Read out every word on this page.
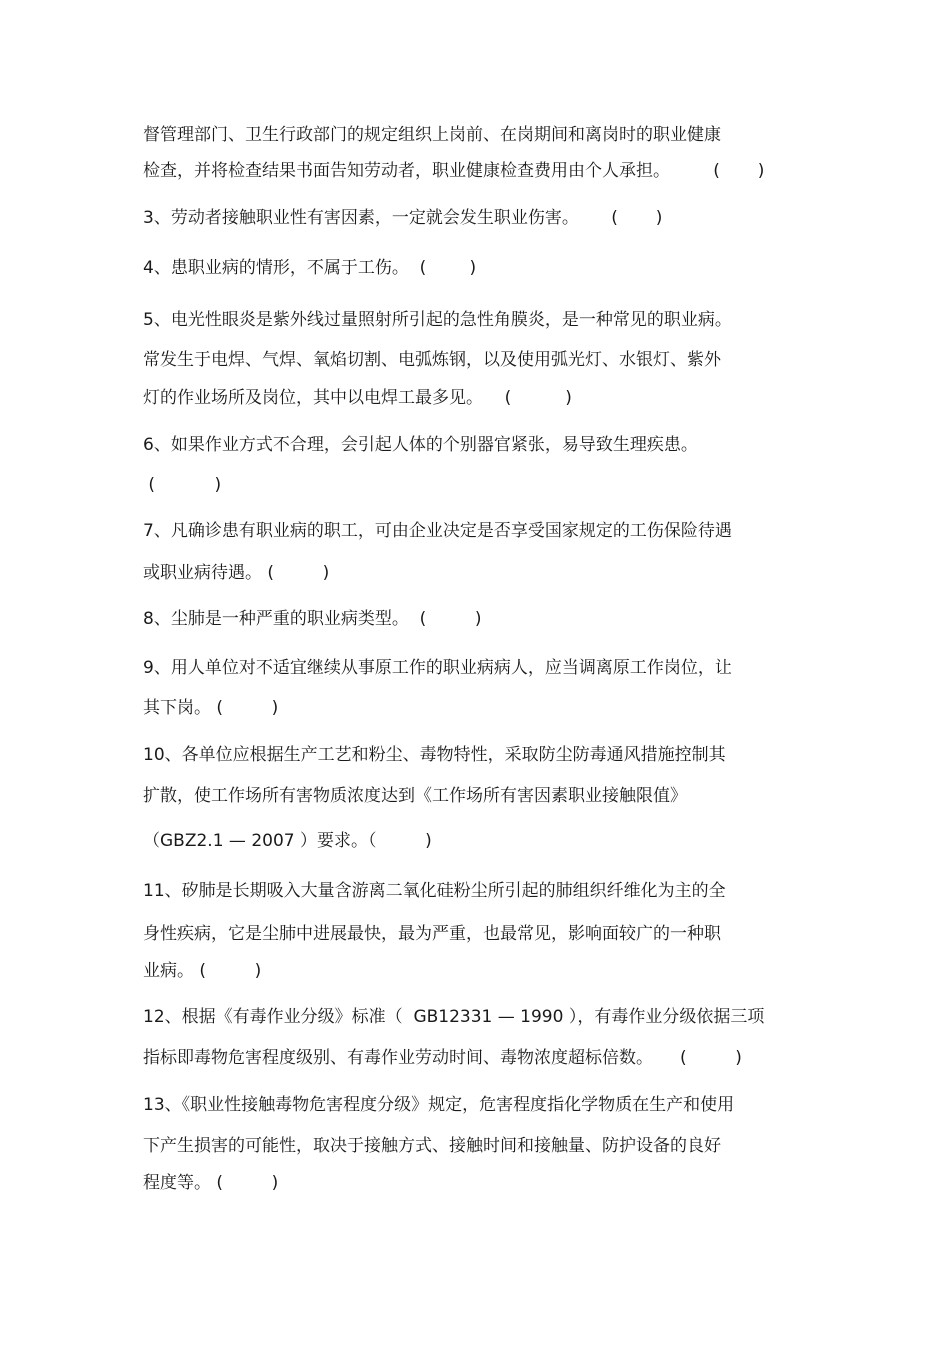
督管理部门、卫生行政部门的规定组织上岗前、在岗期间和离岗时的职业健康
检查，并将检查结果书面告知劳动者，职业健康检查费用由个人承担。        (       )
3、劳动者接触职业性有害因素，一定就会发生职业伤害。      (       )
4、患职业病的情形，不属于工伤。  (        )
5、电光性眼炎是紫外线过量照射所引起的急性角膜炎，是一种常见的职业病。
常发生于电焊、气焊、氧焰切割、电弧炼钢，以及使用弧光灯、水银灯、紫外
灯的作业场所及岗位，其中以电焊工最多见。    (          )
6、如果作业方式不合理，会引起人体的个别器官紧张，易导致生理疾患。
(           )
7、凡确诊患有职业病的职工，可由企业决定是否享受国家规定的工伤保险待遇
或职业病待遇。 (         )
8、尘肺是一种严重的职业病类型。  (         )
9、用人单位对不适宜继续从事原工作的职业病病人，应当调离原工作岗位，让
其下岗。 (         )
10、各单位应根据生产工艺和粉尘、毒物特性，采取防尘防毒通风措施控制其
扩散，使工作场所有害物质浓度达到《工作场所有害因素职业接触限值》
（GBZ2.1 — 2007 ）要求。（         )
11、矽肺是长期吸入大量含游离二氧化硅粉尘所引起的肺组织纤维化为主的全
身性疾病，它是尘肺中进展最快，最为严重，也最常见，影响面较广的一种职
业病。 (         )
12、根据《有毒作业分级》标准（  GB12331 — 1990 ），有毒作业分级依据三项
指标即毒物危害程度级别、有毒作业劳动时间、毒物浓度超标倍数。     (         )
13、《职业性接触毒物危害程度分级》规定，危害程度指化学物质在生产和使用
下产生损害的可能性，取决于接触方式、接触时间和接触量、防护设备的良好
程度等。 (         )
